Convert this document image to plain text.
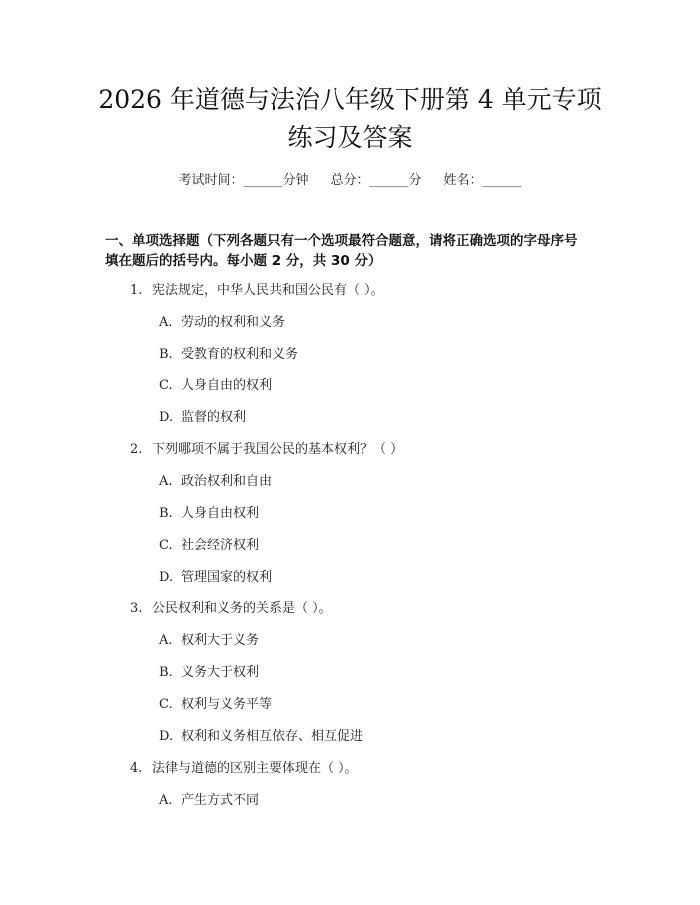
2026 年道德与法治八年级下册第 4 单元专项
练习及答案
考试时间：______分钟 总分：______分 姓名：______
一、单项选择题（下列各题只有一个选项最符合题意，请将正确选项的字母序号
填在题后的括号内。每小题 2 分，共 30 分）
1. 宪法规定，中华人民共和国公民有（ ）。
A. 劳动的权利和义务
B. 受教育的权利和义务
C. 人身自由的权利
D. 监督的权利
2. 下列哪项不属于我国公民的基本权利？（ ）
A. 政治权利和自由
B. 人身自由权利
C. 社会经济权利
D. 管理国家的权利
3. 公民权利和义务的关系是（ ）。
A. 权利大于义务
B. 义务大于权利
C. 权利与义务平等
D. 权利和义务相互依存、相互促进
4. 法律与道德的区别主要体现在（ ）。
A. 产生方式不同
